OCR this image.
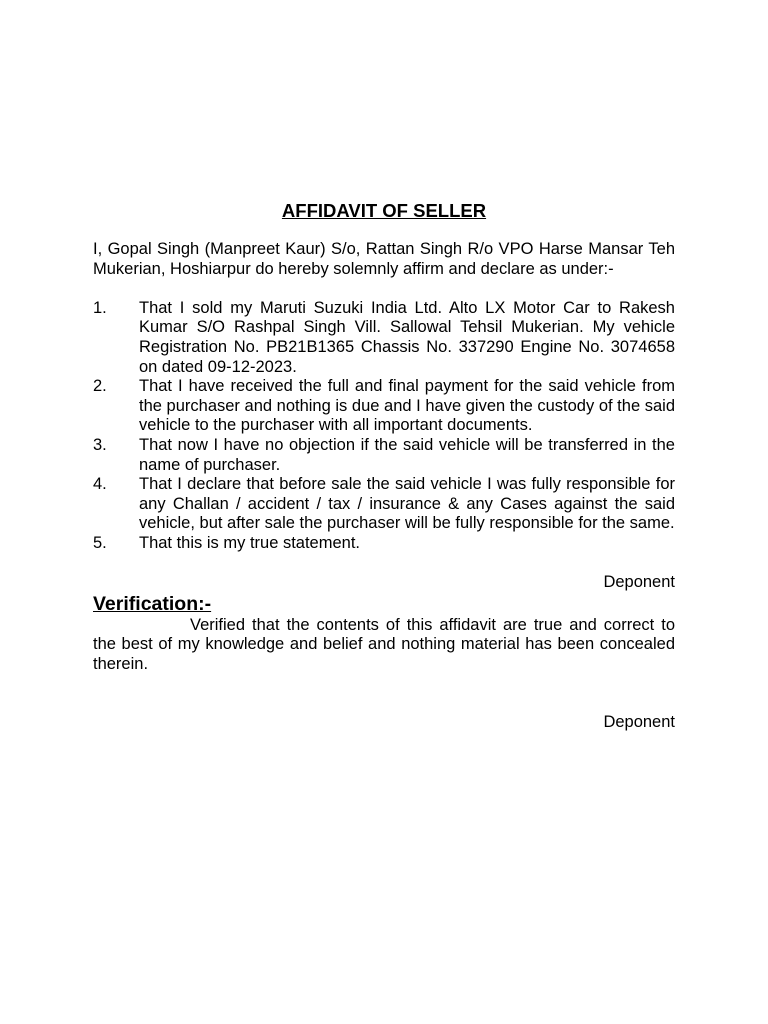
AFFIDAVIT OF SELLER

I, Gopal Singh (Manpreet Kaur) S/o, Rattan Singh R/o VPO Harse Mansar Teh Mukerian, Hoshiarpur do hereby solemnly affirm and declare as under:-

1.	That I sold my Maruti Suzuki India Ltd. Alto LX Motor Car to Rakesh Kumar S/O Rashpal Singh Vill. Sallowal Tehsil Mukerian. My vehicle Registration No. PB21B1365 Chassis No. 337290 Engine No. 3074658 on dated 09-12-2023.
2.	That I have received the full and final payment for the said vehicle from the purchaser and nothing is due and I have given the custody of the said vehicle to the purchaser with all important documents.
3.	That now I have no objection if the said vehicle will be transferred in the name of purchaser.
4.	That I declare that before sale the said vehicle I was fully responsible for any Challan / accident / tax / insurance & any Cases against the said vehicle, but after sale the purchaser will be fully responsible for the same.
5.	That this is my true statement.
Deponent
Verification:-

Verified that the contents of this affidavit are true and correct to the best of my knowledge and belief and nothing material has been concealed therein.

Deponent
